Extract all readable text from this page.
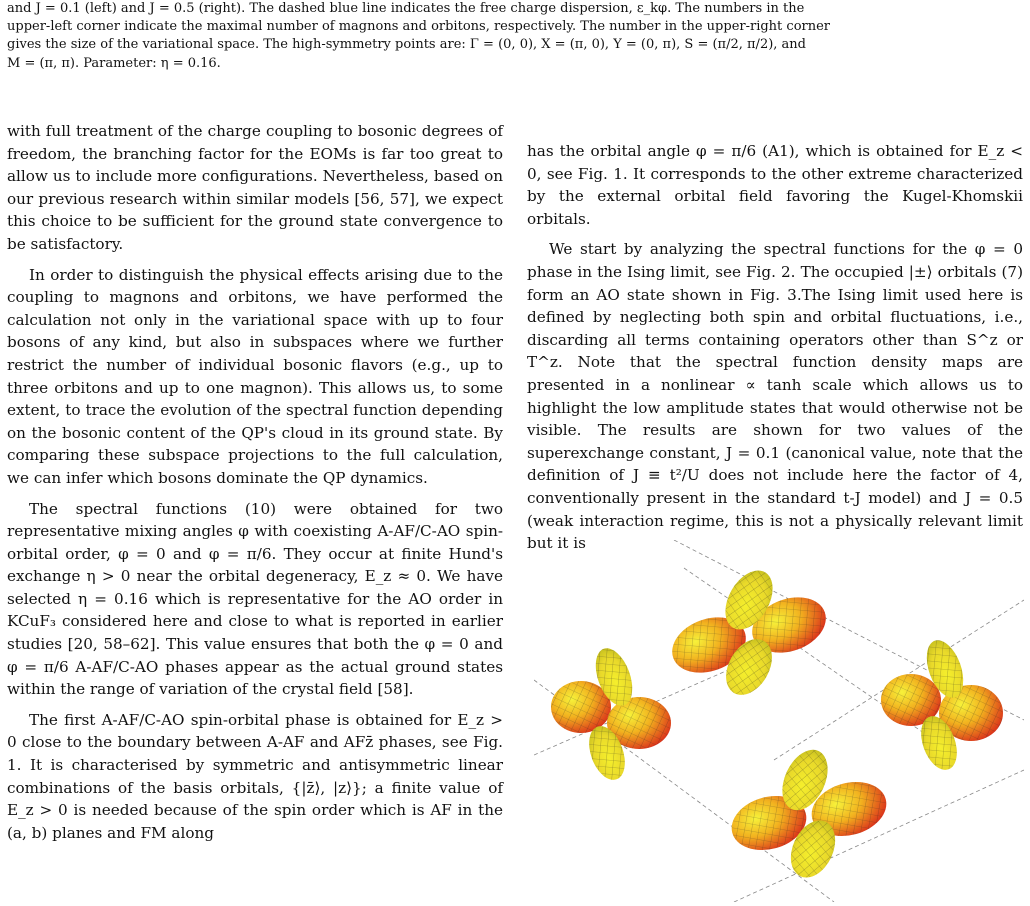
and J = 0.1 (left) and J = 0.5 (right). The dashed blue line indicates the free charge dispersion, ε_kφ. The numbers in the

upper-left corner indicate the maximal number of magnons and orbitons, respectively. The number in the upper-right corner

gives the size of the variational space. The high-symmetry points are: Γ = (0, 0), X = (π, 0), Y = (0, π), S = (π/2, π/2), and

M = (π, π). Parameter: η = 0.16.

with full treatment of the charge coupling to bosonic degrees of freedom, the branching factor for the EOMs is far too great to allow us to include more configurations. Nevertheless, based on our previous research within similar models [56, 57], we expect this choice to be sufficient for the ground state convergence to be satisfactory.

In order to distinguish the physical effects arising due to the coupling to magnons and orbitons, we have performed the calculation not only in the variational space with up to four bosons of any kind, but also in subspaces where we further restrict the number of individual bosonic flavors (e.g., up to three orbitons and up to one magnon). This allows us, to some extent, to trace the evolution of the spectral function depending on the bosonic content of the QP's cloud in its ground state. By comparing these subspace projections to the full calculation, we can infer which bosons dominate the QP dynamics.

The spectral functions (10) were obtained for two representative mixing angles φ with coexisting A-AF/C-AO spin-orbital order, φ = 0 and φ = π/6. They occur at finite Hund's exchange η > 0 near the orbital degeneracy, E_z ≈ 0. We have selected η = 0.16 which is representative for the AO order in KCuF₃ considered here and close to what is reported in earlier studies [20, 58–62]. This value ensures that both the φ = 0 and φ = π/6 A-AF/C-AO phases appear as the actual ground states within the range of variation of the crystal field [58].

The first A-AF/C-AO spin-orbital phase is obtained for E_z > 0 close to the boundary between A-AF and AFz̄ phases, see Fig. 1. It is characterised by symmetric and antisymmetric linear combinations of the basis orbitals, {|z̄⟩, |z⟩}; a finite value of E_z > 0 is needed because of the spin order which is AF in the (a, b) planes and FM along

has the orbital angle φ = π/6 (A1), which is obtained for E_z < 0, see Fig. 1. It corresponds to the other extreme characterized by the external orbital field favoring the Kugel-Khomskii orbitals.

We start by analyzing the spectral functions for the φ = 0 phase in the Ising limit, see Fig. 2. The occupied |±⟩ orbitals (7) form an AO state shown in Fig. 3.The Ising limit used here is defined by neglecting both spin and orbital fluctuations, i.e., discarding all terms containing operators other than S^z or T^z. Note that the spectral function density maps are presented in a nonlinear ∝ tanh scale which allows us to highlight the low amplitude states that would otherwise not be visible. The results are shown for two values of the superexchange constant, J = 0.1 (canonical value, note that the definition of J ≡ t²/U does not include here the factor of 4, conventionally present in the standard t-J model) and J = 0.5 (weak interaction regime, this is not a physically relevant limit but it is
